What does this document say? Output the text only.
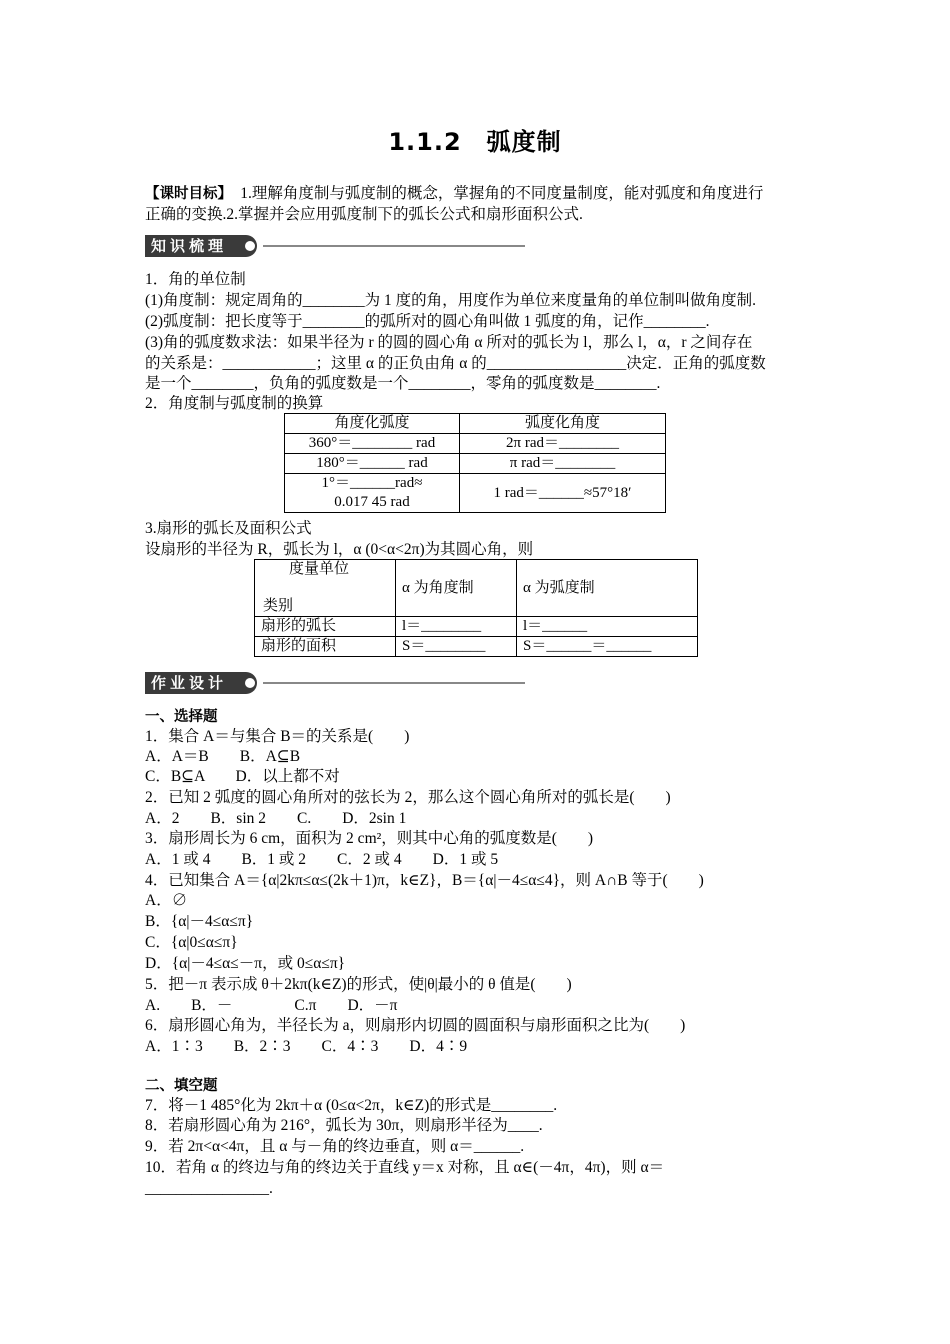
1.1.2　弧度制
【课时目标】　1.理解角度制与弧度制的概念，掌握角的不同度量制度，能对弧度和角度进行
正确的变换.2.掌握并会应用弧度制下的弧长公式和扇形面积公式.
知识梳理
1．角的单位制
(1)角度制：规定周角的________为 1 度的角，用度作为单位来度量角的单位制叫做角度制.
(2)弧度制：把长度等于________的弧所对的圆心角叫做 1 弧度的角，记作________.
(3)角的弧度数求法：如果半径为 r 的圆的圆心角 α 所对的弧长为 l，那么 l，α，r 之间存在
的关系是：____________；这里 α 的正负由角 α 的__________________决定．正角的弧度数
是一个________，负角的弧度数是一个________，零角的弧度数是________.
2．角度制与弧度制的换算
角度化弧度	弧度化角度
360°＝________ rad	2π rad＝________
180°＝______ rad	π rad＝________

1°＝______rad≈
0.017 45 rad	1 rad＝______≈57°18′
3.扇形的弧长及面积公式
设扇形的半径为 R，弧长为 l，α (0<α<2π)为其圆心角，则
度量单位
类别	α 为角度制	α 为弧度制
扇形的弧长	l＝________	l＝______
扇形的面积	S＝________	S＝______＝______
作业设计
一、选择题
1．集合 A＝与集合 B＝的关系是(　　)
A．A＝B　　B．A⊆B
C．B⊆A　　D．以上都不对
2．已知 2 弧度的圆心角所对的弦长为 2，那么这个圆心角所对的弧长是(　　)
A．2　　B．sin 2　　C.　　D．2sin 1
3．扇形周长为 6 cm，面积为 2 cm²，则其中心角的弧度数是(　　)
A．1 或 4　　B．1 或 2　　C．2 或 4　　D．1 或 5
4．已知集合 A＝{α|2kπ≤α≤(2k＋1)π，k∈Z}，B＝{α|－4≤α≤4}，则 A∩B 等于(　　)
A．∅
B．{α|－4≤α≤π}
C．{α|0≤α≤π}
D．{α|－4≤α≤－π，或 0≤α≤π}
5．把－π 表示成 θ＋2kπ(k∈Z)的形式，使|θ|最小的 θ 值是(　　)
A.　　B．－　　　　C.π　　D．－π
6．扇形圆心角为，半径长为 a，则扇形内切圆的圆面积与扇形面积之比为(　　)
A．1∶3　　B．2∶3　　C．4∶3　　D．4∶9
二、填空题
7．将－1 485°化为 2kπ＋α (0≤α<2π，k∈Z)的形式是________.
8．若扇形圆心角为 216°，弧长为 30π，则扇形半径为____.
9．若 2π<α<4π，且 α 与－角的终边垂直，则 α＝______.
10．若角 α 的终边与角的终边关于直线 y＝x 对称，且 α∈(－4π，4π)，则 α＝
________________.
